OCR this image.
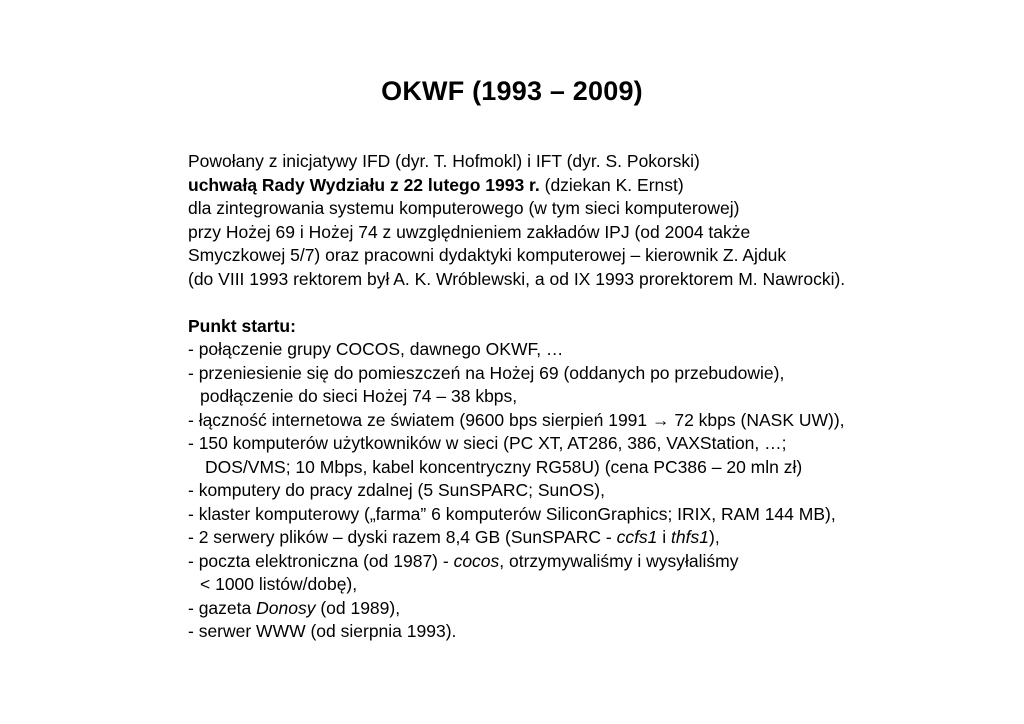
OKWF (1993 – 2009)
Powołany z inicjatywy IFD (dyr. T. Hofmokl) i IFT (dyr. S. Pokorski)
uchwałą Rady Wydziału z 22 lutego 1993 r. (dziekan K. Ernst)
dla zintegrowania systemu komputerowego (w tym sieci komputerowej)
przy Hożej 69 i Hożej 74 z uwzględnieniem zakładów IPJ (od 2004 także
Smyczkowej 5/7) oraz pracowni dydaktyki komputerowej – kierownik Z. Ajduk
(do VIII 1993 rektorem był A. K. Wróblewski, a od IX 1993 prorektorem M. Nawrocki).
Punkt startu:
- połączenie grupy COCOS, dawnego OKWF, …
- przeniesienie się do pomieszczeń na Hożej 69 (oddanych po przebudowie),
podłączenie do sieci Hożej 74 – 38 kbps,
- łączność internetowa ze światem (9600 bps sierpień 1991 → 72 kbps (NASK UW)),
- 150 komputerów użytkowników w sieci (PC XT, AT286, 386, VAXStation, …;
DOS/VMS; 10 Mbps, kabel koncentryczny RG58U) (cena PC386 – 20 mln zł)
- komputery do pracy zdalnej (5 SunSPARC; SunOS),
- klaster komputerowy („farma” 6 komputerów SiliconGraphics; IRIX, RAM 144 MB),
- 2 serwery plików – dyski razem 8,4 GB (SunSPARC - ccfs1 i thfs1),
- poczta elektroniczna (od 1987) - cocos, otrzymywaliśmy i wysyłaliśmy
< 1000 listów/dobę),
- gazeta Donosy (od 1989),
- serwer WWW (od sierpnia 1993).
